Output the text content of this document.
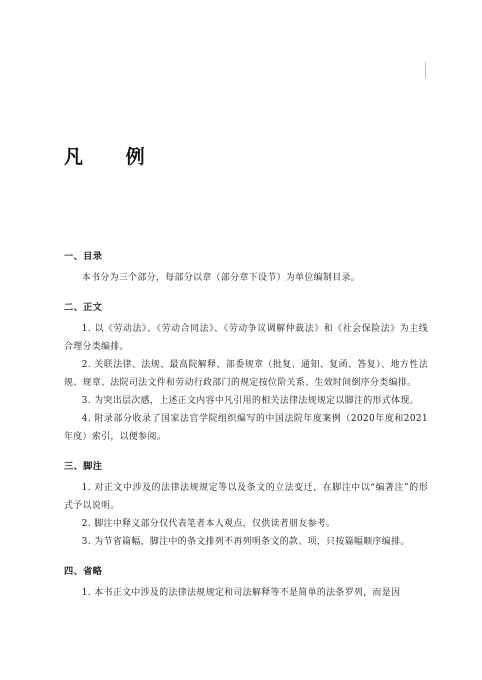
凡 例
一、目录

本书分为三个部分，每部分以章（部分章下设节）为单位编制目录。

二、正文

1. 以《劳动法》、《劳动合同法》、《劳动争议调解仲裁法》和《社会保险法》为主线合理分类编排。

2. 关联法律、法规、最高院解释、部委规章（批复、通知、复函、答复）、地方性法规、规章、法院司法文件和劳动行政部门的规定按位阶关系、生效时间倒序分类编排。

3. 为突出层次感，上述正文内容中凡引用的相关法律法规规定以脚注的形式体现。

4. 附录部分收录了国家法官学院组织编写的中国法院年度案例（2020年度和2021年度）索引，以便参阅。

三、脚注

1. 对正文中涉及的法律法规规定等以及条文的立法变迁，在脚注中以“编著注”的形式予以说明。

2. 脚注中释义部分仅代表笔者本人观点，仅供读者朋友参考。

3. 为节省篇幅，脚注中的条文排列不再列明条文的款、项，只按篇幅顺序编排。

四、省略

1. 本书正文中涉及的法律法规规定和司法解释等不是简单的法条罗列，而是因
